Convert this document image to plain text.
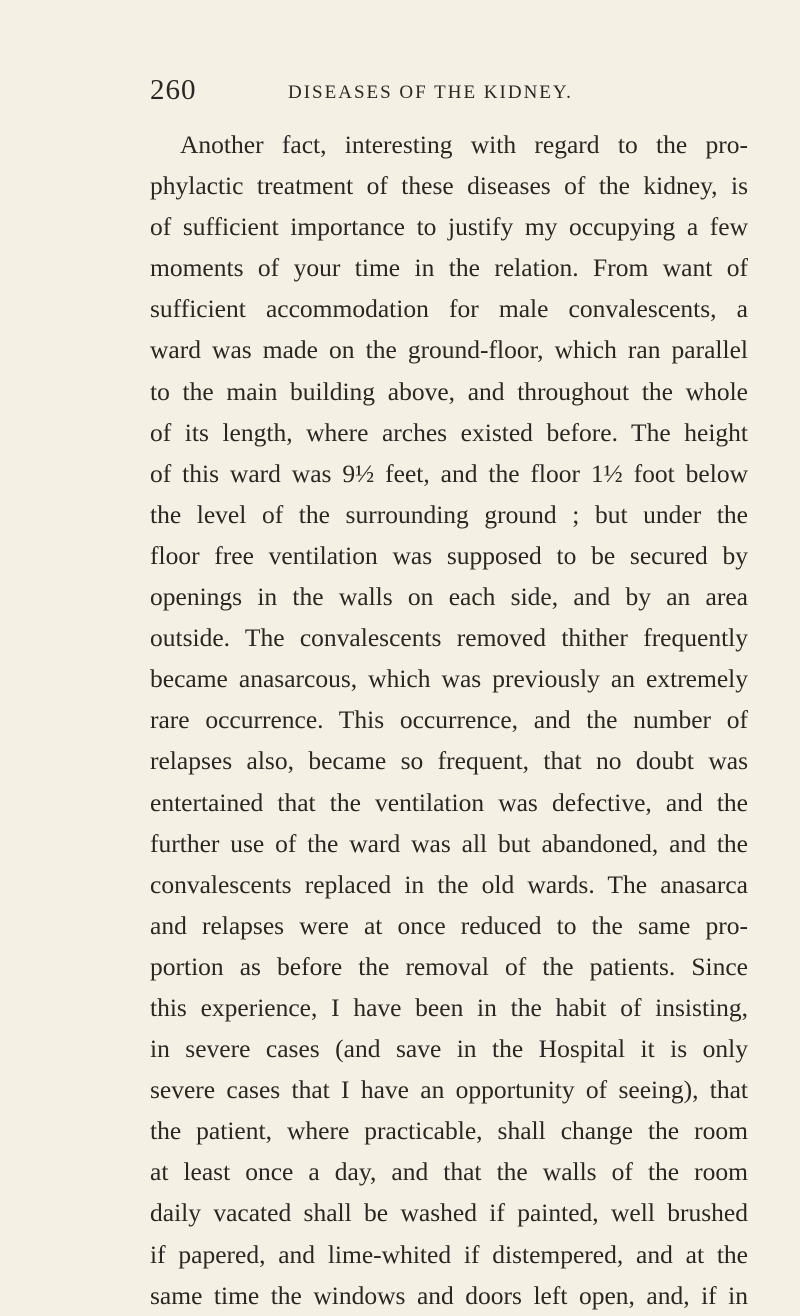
260	DISEASES OF THE KIDNEY.
Another fact, interesting with regard to the pro-
phylactic treatment of these diseases of the kidney, is
of sufficient importance to justify my occupying a few
moments of your time in the relation. From want of
sufficient accommodation for male convalescents, a
ward was made on the ground-floor, which ran parallel
to the main building above, and throughout the whole
of its length, where arches existed before. The height
of this ward was 9½ feet, and the floor 1½ foot below
the level of the surrounding ground ; but under the
floor free ventilation was supposed to be secured by
openings in the walls on each side, and by an area
outside. The convalescents removed thither frequently
became anasarcous, which was previously an extremely
rare occurrence. This occurrence, and the number of
relapses also, became so frequent, that no doubt was
entertained that the ventilation was defective, and the
further use of the ward was all but abandoned, and the
convalescents replaced in the old wards. The anasarca
and relapses were at once reduced to the same pro-
portion as before the removal of the patients. Since
this experience, I have been in the habit of insisting,
in severe cases (and save in the Hospital it is only
severe cases that I have an opportunity of seeing), that
the patient, where practicable, shall change the room
at least once a day, and that the walls of the room
daily vacated shall be washed if painted, well brushed
if papered, and lime-whited if distempered, and at the
same time the windows and doors left open, and, if in
